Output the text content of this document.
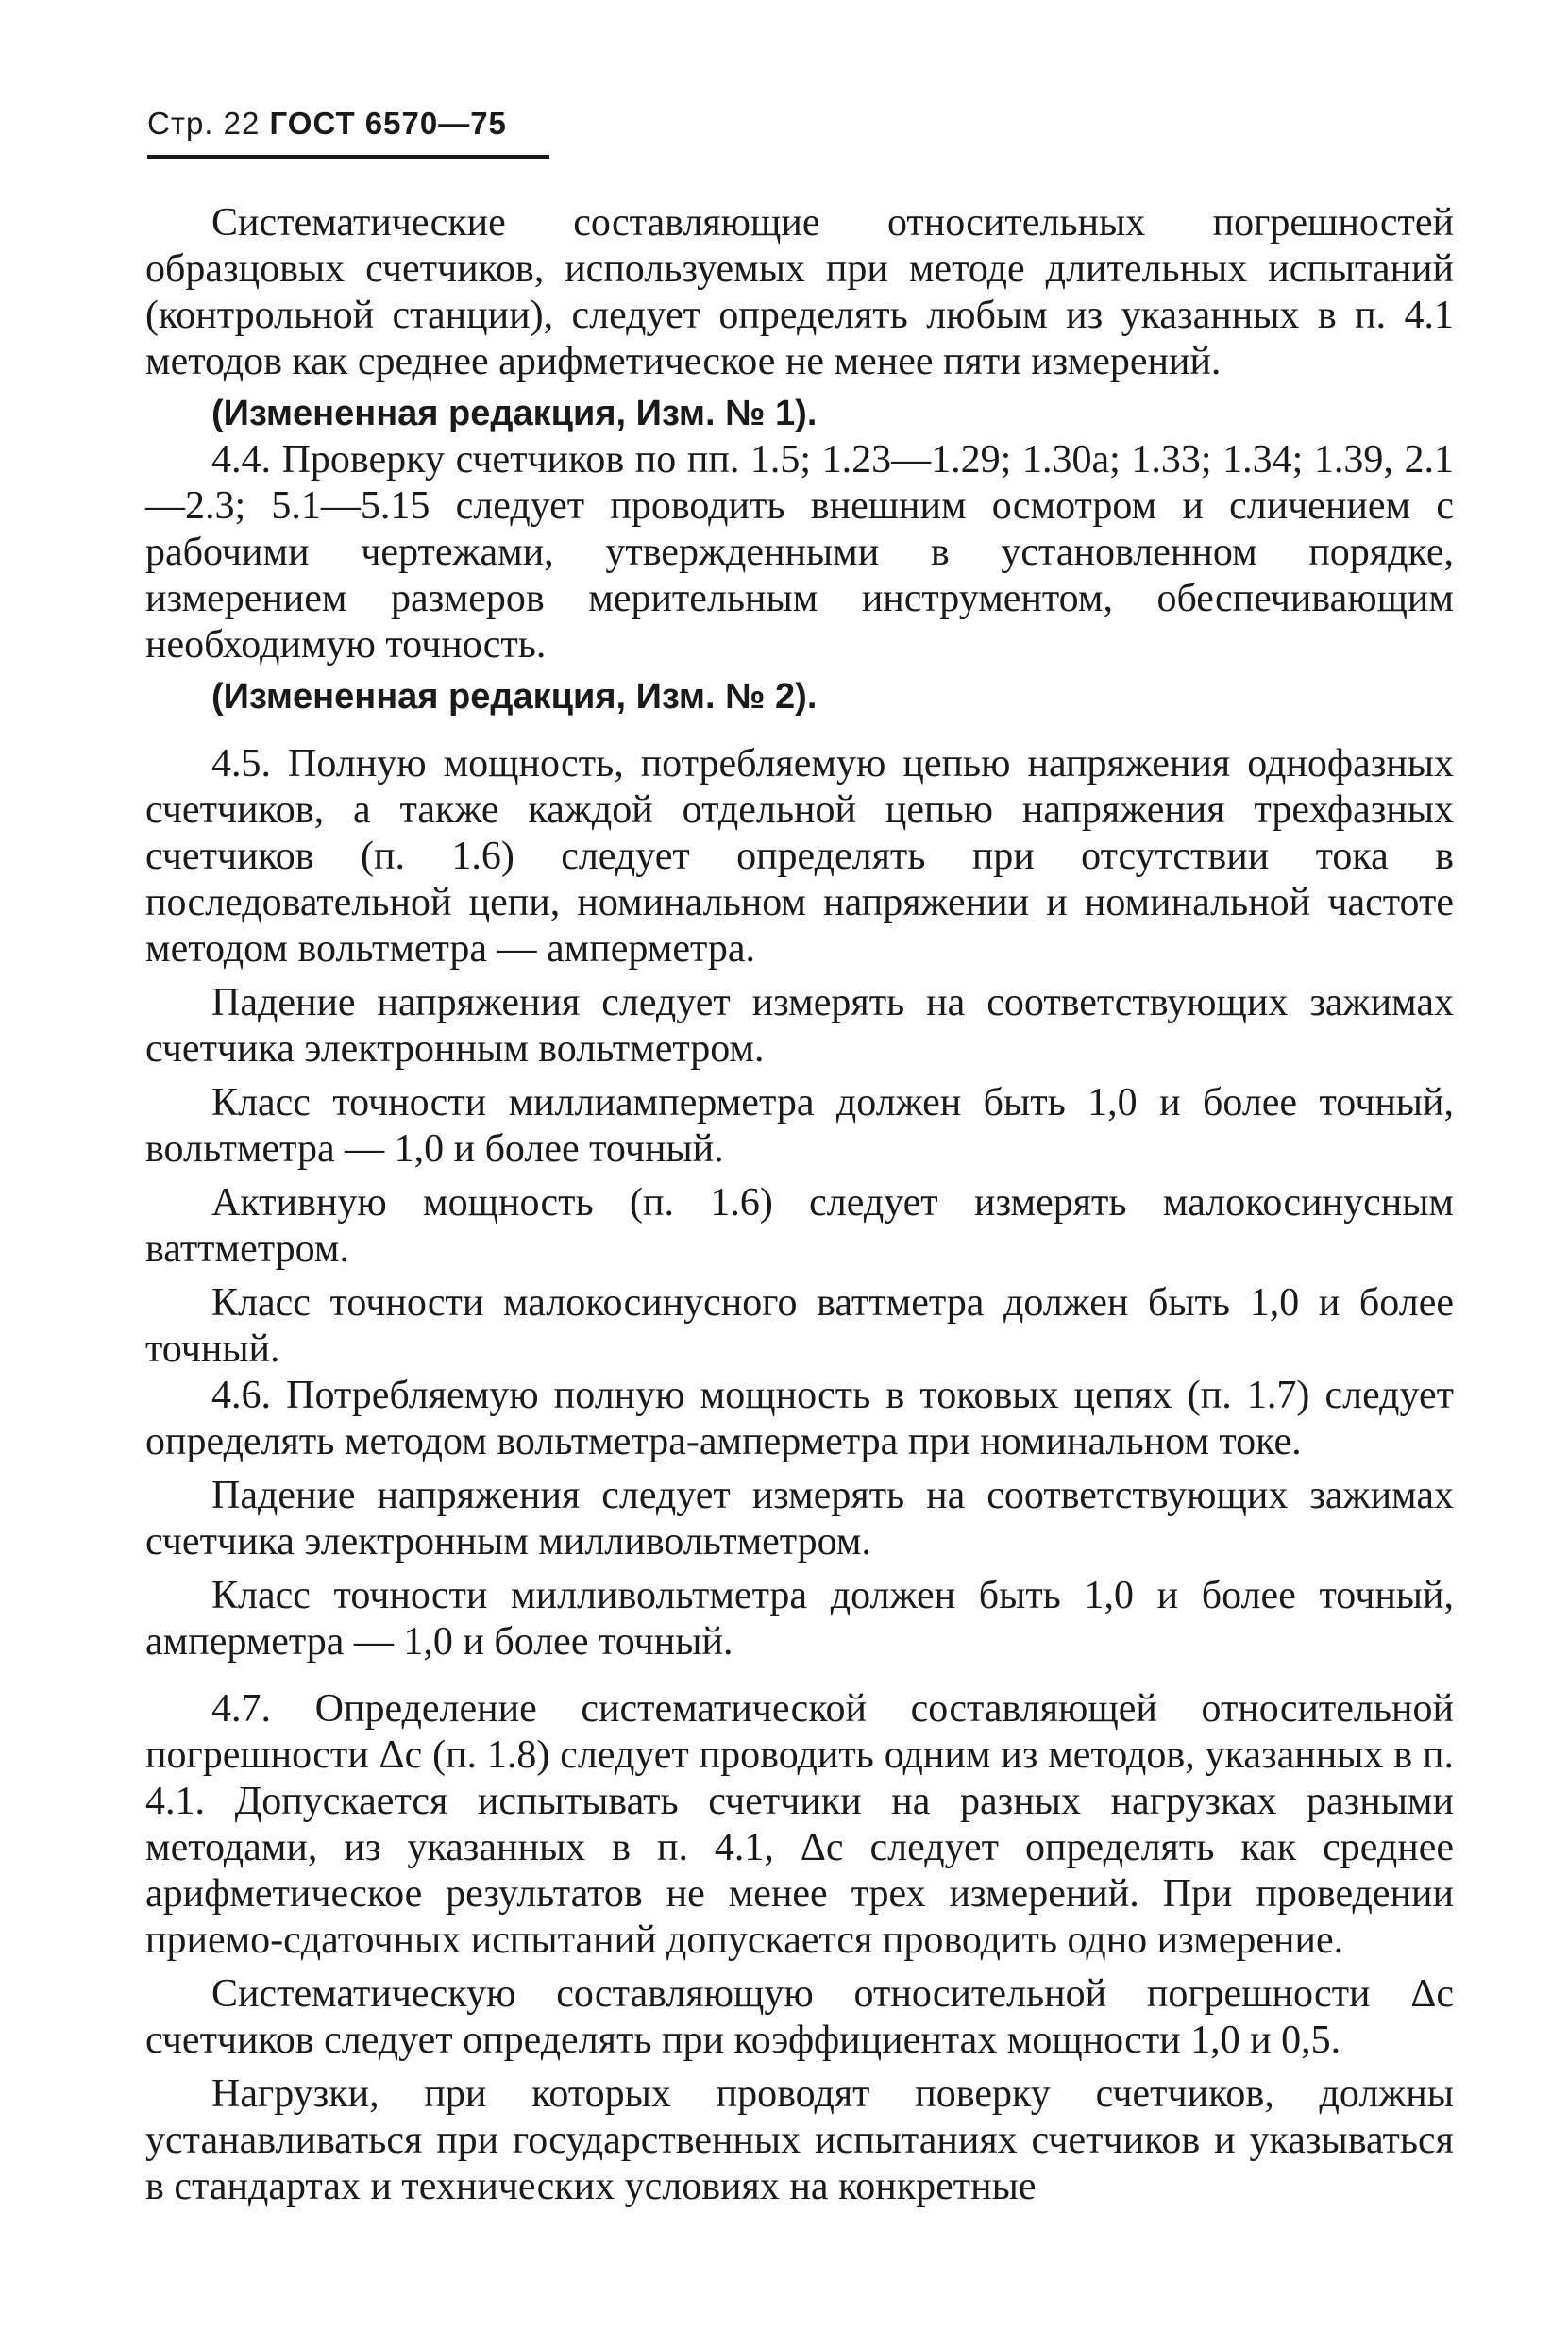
Стр. 22 ГОСТ 6570—75

Систематические составляющие относительных погрешностей образцовых счетчиков, используемых при методе длительных испытаний (контрольной станции), следует определять любым из указанных в п. 4.1 методов как среднее арифметическое не менее пяти измерений.

(Измененная редакция, Изм. № 1).

4.4. Проверку счетчиков по пп. 1.5; 1.23—1.29; 1.30а; 1.33; 1.34; 1.39, 2.1—2.3; 5.1—5.15 следует проводить внешним осмотром и сличением с рабочими чертежами, утвержденными в установленном порядке, измерением размеров мерительным инструментом, обеспечивающим необходимую точность.

(Измененная редакция, Изм. № 2).

4.5. Полную мощность, потребляемую цепью напряжения однофазных счетчиков, а также каждой отдельной цепью напряжения трехфазных счетчиков (п. 1.6) следует определять при отсутствии тока в последовательной цепи, номинальном напряжении и номинальной частоте методом вольтметра — амперметра.

Падение напряжения следует измерять на соответствующих зажимах счетчика электронным вольтметром.

Класс точности миллиамперметра должен быть 1,0 и более точный, вольтметра — 1,0 и более точный.

Активную мощность (п. 1.6) следует измерять малокосинусным ваттметром.

Класс точности малокосинусного ваттметра должен быть 1,0 и более точный.

4.6. Потребляемую полную мощность в токовых цепях (п. 1.7) следует определять методом вольтметра-амперметра при номинальном токе.

Падение напряжения следует измерять на соответствующих зажимах счетчика электронным милливольтметром.

Класс точности милливольтметра должен быть 1,0 и более точный, амперметра — 1,0 и более точный.

4.7. Определение систематической составляющей относительной погрешности Δс (п. 1.8) следует проводить одним из методов, указанных в п. 4.1. Допускается испытывать счетчики на разных нагрузках разными методами, из указанных в п. 4.1, Δс следует определять как среднее арифметическое результатов не менее трех измерений. При проведении приемо-сдаточных испытаний допускается проводить одно измерение.

Систематическую составляющую относительной погрешности Δс счетчиков следует определять при коэффициентах мощности 1,0 и 0,5.

Нагрузки, при которых проводят поверку счетчиков, должны устанавливаться при государственных испытаниях счетчиков и указываться в стандартах и технических условиях на конкретные
